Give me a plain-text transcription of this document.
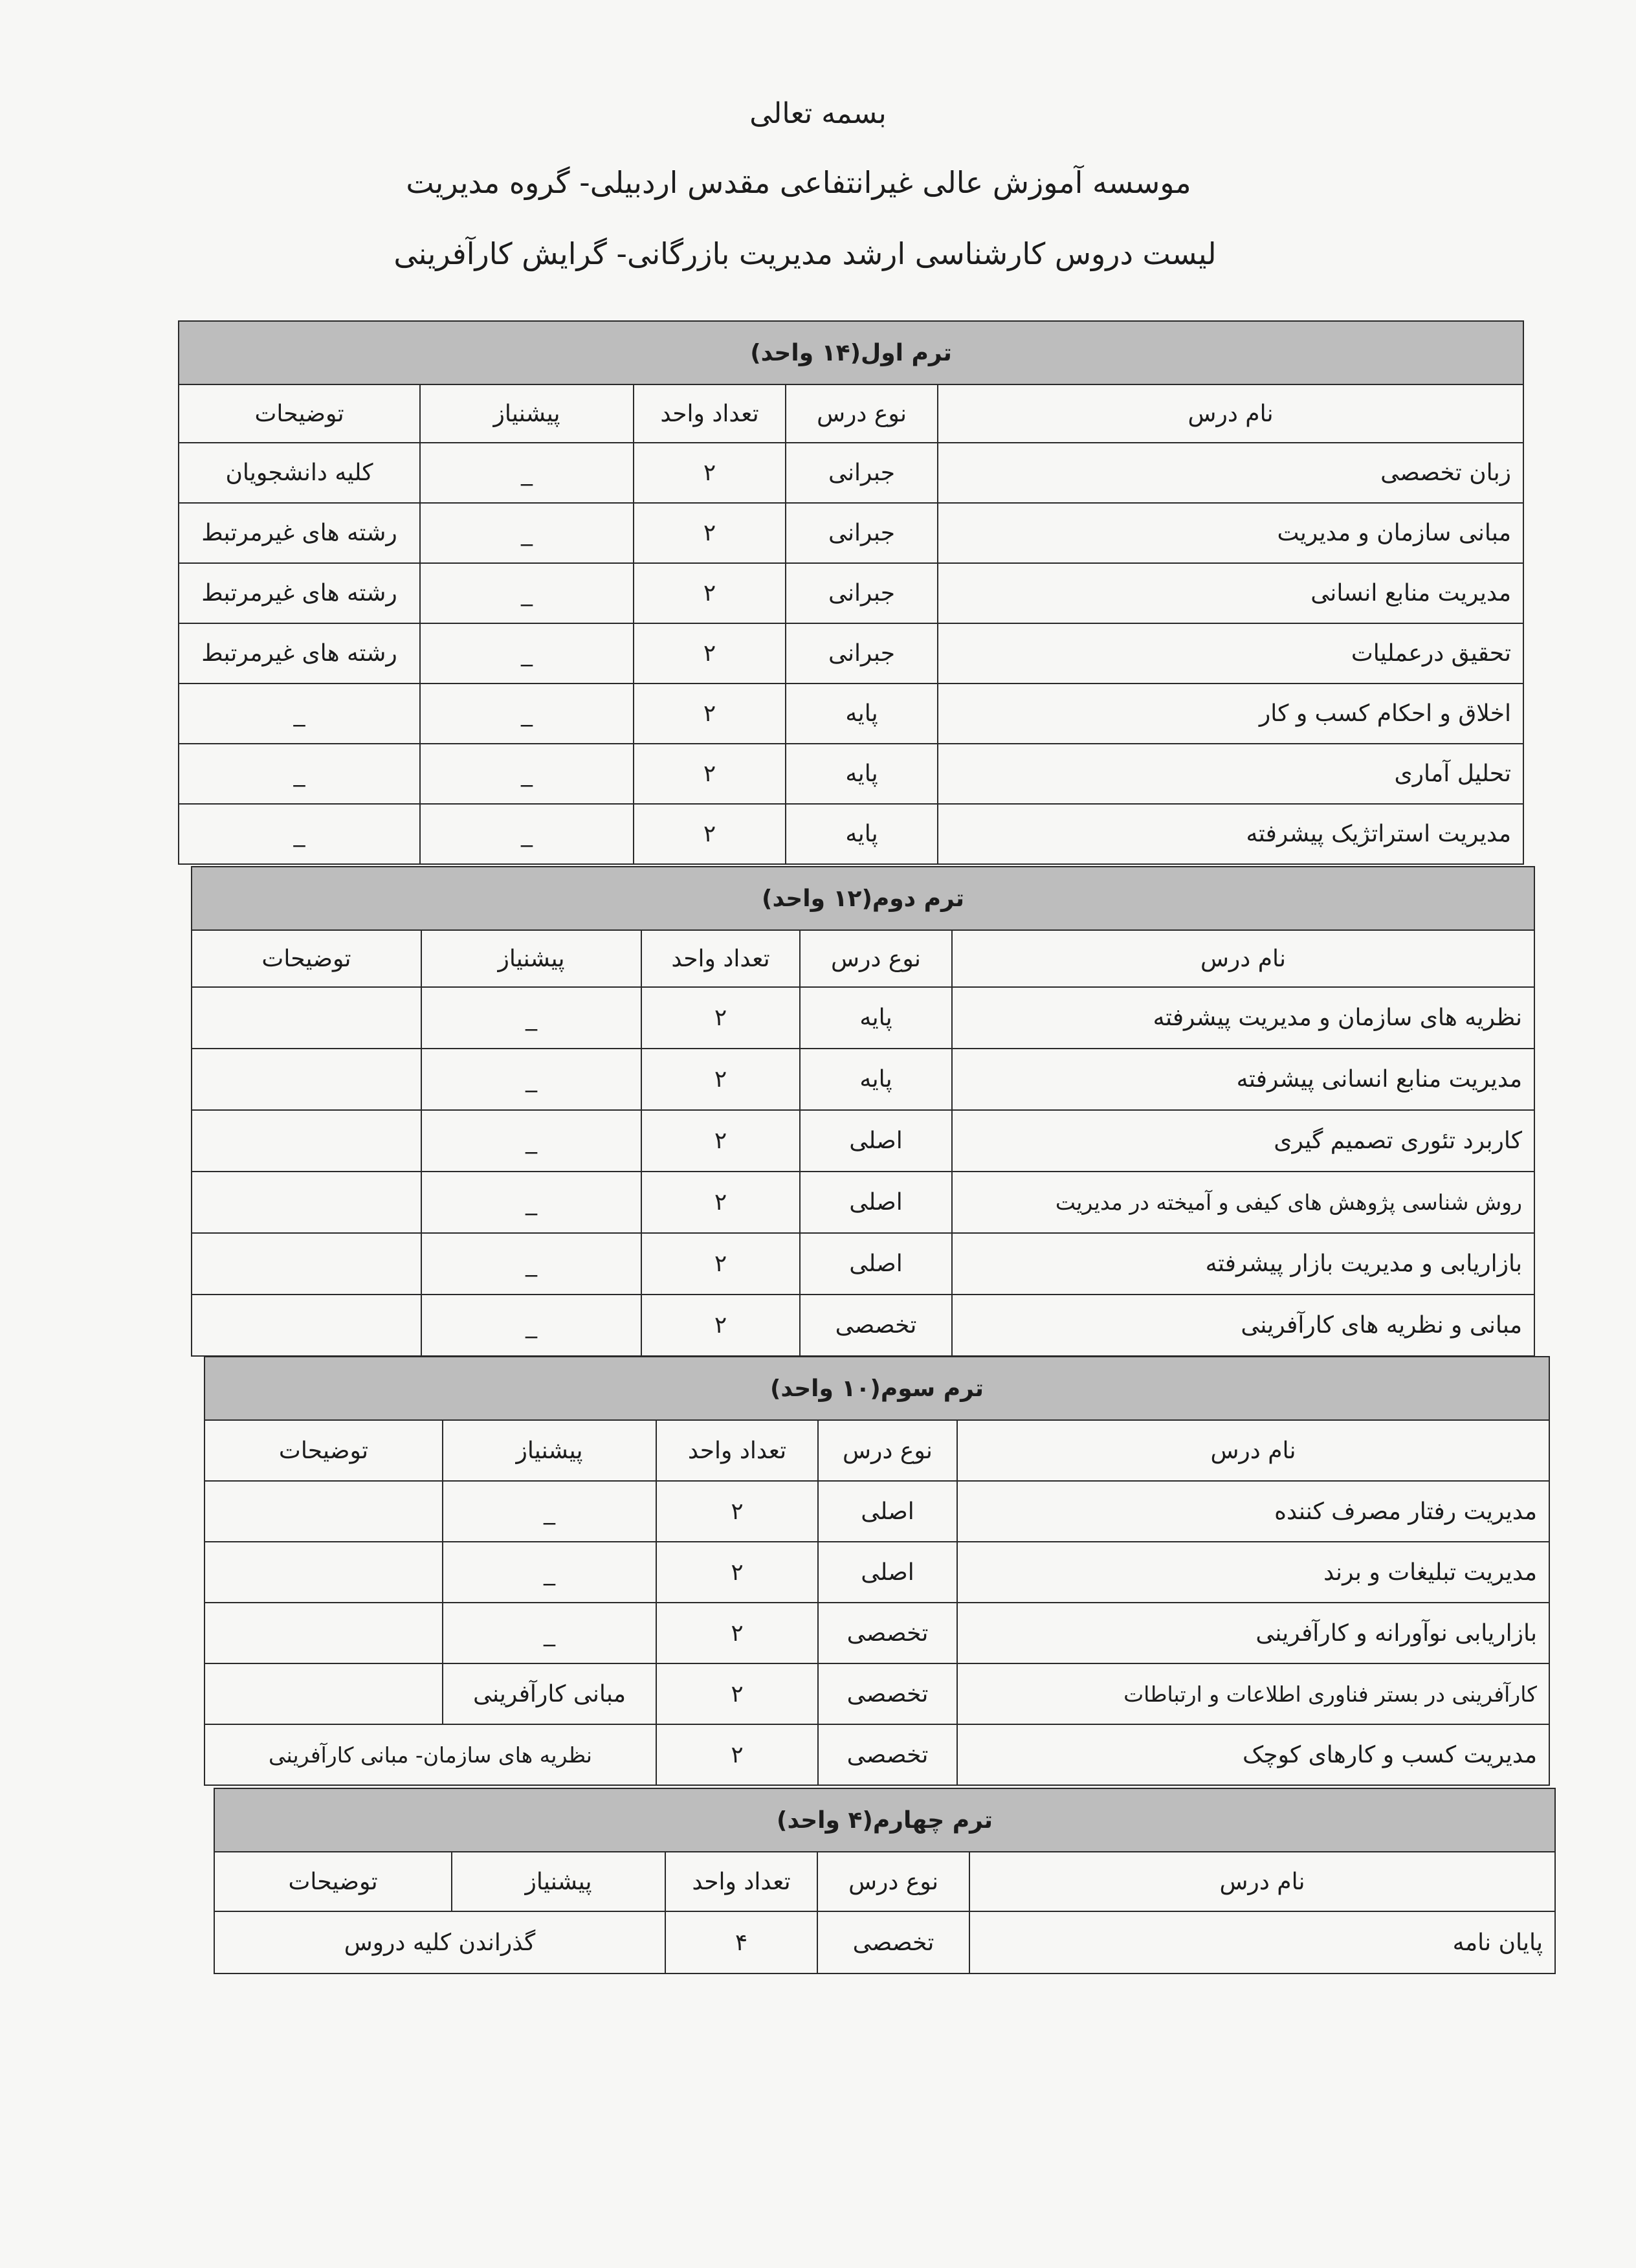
بسمه تعالی
موسسه آموزش عالی غیرانتفاعی مقدس اردبیلی- گروه مدیریت
لیست دروس کارشناسی ارشد مدیریت بازرگانی- گرایش کارآفرینی
ترم اول(۱۴ واحد)				
نام درس	نوع درس	تعداد واحد	پیشنیاز	توضیحات
زبان تخصصی	جبرانی	۲	_	کلیه دانشجویان
مبانی سازمان و مدیریت	جبرانی	۲	_	رشته های غیرمرتبط
مدیریت منابع انسانی	جبرانی	۲	_	رشته های غیرمرتبط
تحقیق درعملیات	جبرانی	۲	_	رشته های غیرمرتبط
اخلاق و احکام کسب و کار	پایه	۲	_	_
تحلیل آماری	پایه	۲	_	_
مدیریت استراتژیک پیشرفته	پایه	۲	_	_
ترم دوم(۱۲ واحد)				
نام درس	نوع درس	تعداد واحد	پیشنیاز	توضیحات
نظریه های سازمان و مدیریت پیشرفته	پایه	۲	_	
مدیریت منابع انسانی پیشرفته	پایه	۲	_	
کاربرد تئوری تصمیم گیری	اصلی	۲	_	
روش شناسی پژوهش های کیفی و آمیخته در مدیریت	اصلی	۲	_	
بازاریابی و مدیریت بازار پیشرفته	اصلی	۲	_	
مبانی و نظریه های کارآفرینی	تخصصی	۲	_	
ترم سوم(۱۰ واحد)				
نام درس	نوع درس	تعداد واحد	پیشنیاز	توضیحات
مدیریت رفتار مصرف کننده	اصلی	۲	_	
مدیریت تبلیغات و برند	اصلی	۲	_	
بازاریابی نوآورانه و کارآفرینی	تخصصی	۲	_	
کارآفرینی در بستر فناوری اطلاعات و ارتباطات	تخصصی	۲	مبانی کارآفرینی	
مدیریت کسب و کارهای کوچک	تخصصی	۲	نظریه های سازمان- مبانی کارآفرینی	
ترم چهارم(۴ واحد)				
نام درس	نوع درس	تعداد واحد	پیشنیاز	توضیحات
پایان نامه	تخصصی	۴	گذراندن کلیه دروس	
